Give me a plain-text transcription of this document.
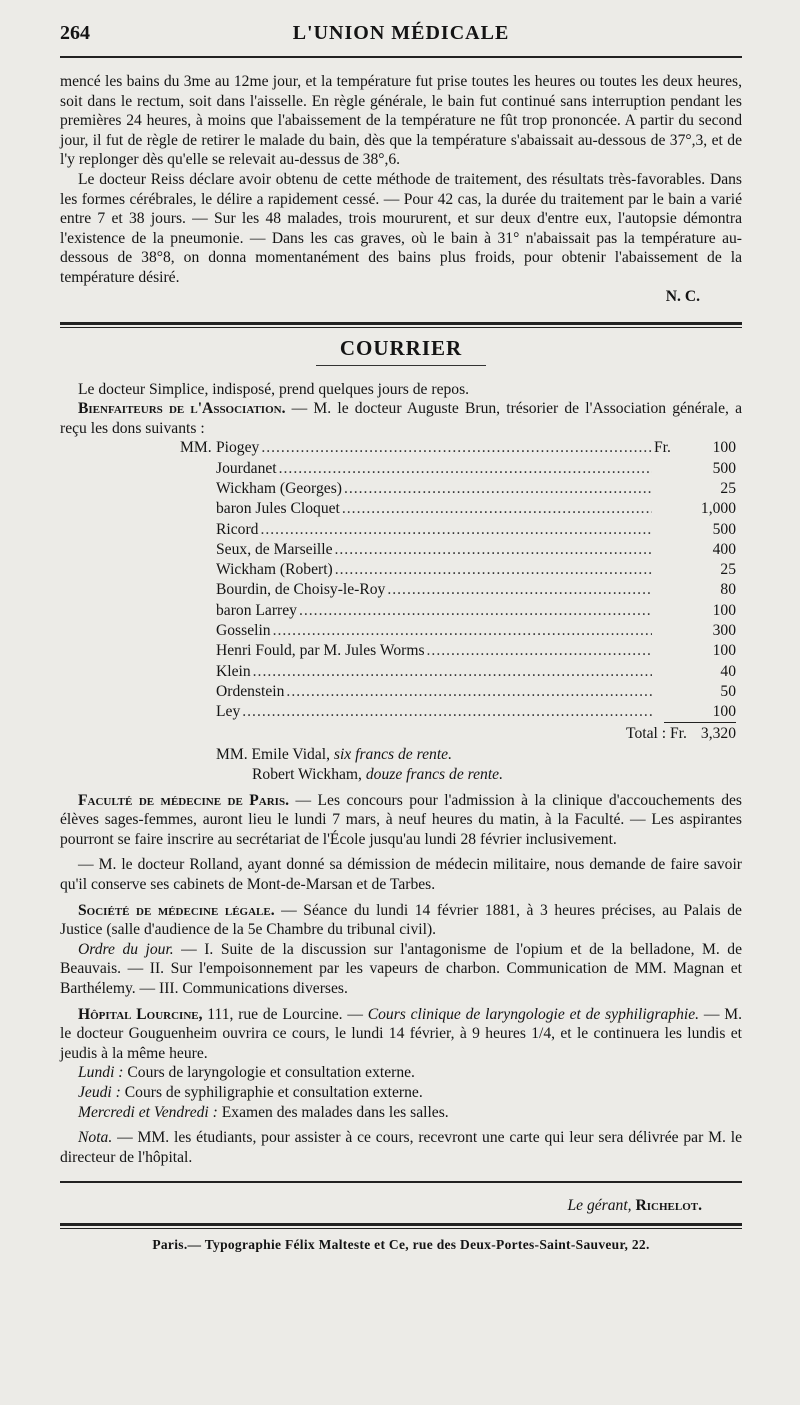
264	L'UNION MÉDICALE

mencé les bains du 3me au 12me jour, et la température fut prise toutes les heures ou toutes les deux heures, soit dans le rectum, soit dans l'aisselle. En règle générale, le bain fut continué sans interruption pendant les premières 24 heures, à moins que l'abaissement de la température ne fût trop prononcée. A partir du second jour, il fut de règle de retirer le malade du bain, dès que la température s'abaissait au-dessous de 37°,3, et de l'y replonger dès qu'elle se relevait au-dessus de 38°,6.

Le docteur Reiss déclare avoir obtenu de cette méthode de traitement, des résultats très-favorables. Dans les formes cérébrales, le délire a rapidement cessé. — Pour 42 cas, la durée du traitement par le bain a varié entre 7 et 38 jours. — Sur les 48 malades, trois moururent, et sur deux d'entre eux, l'autopsie démontra l'existence de la pneumonie. — Dans les cas graves, où le bain à 31° n'abaissait pas la température au-dessous de 38°8, on donna momentanément des bains plus froids, pour obtenir l'abaissement de la température désiré.

N. C.

COURRIER

Le docteur Simplice, indisposé, prend quelques jours de repos.

Bienfaiteurs de l'Association. — M. le docteur Auguste Brun, trésorier de l'Association générale, a reçu les dons suivants :

MM. Piogey .....	Fr.	100
Jourdanet .....	500
Wickham (Georges) .....	25
baron Jules Cloquet .....	1,000
Ricord .....	500
Seux, de Marseille .....	400
Wickham (Robert) .....	25
Bourdin, de Choisy-le-Roy .....	80
baron Larrey .....	100
Gosselin .....	300
Henri Fould, par M. Jules Worms .....	100
Klein .....	40
Ordenstein .....	50
Ley .....	100
Total : Fr. 3,320
MM. Emile Vidal, six francs de rente.
Robert Wickham, douze francs de rente.

Faculté de médecine de Paris. — Les concours pour l'admission à la clinique d'accouchements des élèves sages-femmes, auront lieu le lundi 7 mars, à neuf heures du matin, à la Faculté. — Les aspirantes pourront se faire inscrire au secrétariat de l'École jusqu'au lundi 28 février inclusivement.

— M. le docteur Rolland, ayant donné sa démission de médecin militaire, nous demande de faire savoir qu'il conserve ses cabinets de Mont-de-Marsan et de Tarbes.

Société de médecine légale. — Séance du lundi 14 février 1881, à 3 heures précises, au Palais de Justice (salle d'audience de la 5e Chambre du tribunal civil).

Ordre du jour. — I. Suite de la discussion sur l'antagonisme de l'opium et de la belladone, M. de Beauvais. — II. Sur l'empoisonnement par les vapeurs de charbon. Communication de MM. Magnan et Barthélemy. — III. Communications diverses.

Hôpital Lourcine, 111, rue de Lourcine. — Cours clinique de laryngologie et de syphiligraphie. — M. le docteur Gouguenheim ouvrira ce cours, le lundi 14 février, à 9 heures 1/4, et le continuera les lundis et jeudis à la même heure.

Lundi : Cours de laryngologie et consultation externe.

Jeudi : Cours de syphiligraphie et consultation externe.

Mercredi et Vendredi : Examen des malades dans les salles.

Nota. — MM. les étudiants, pour assister à ce cours, recevront une carte qui leur sera délivrée par M. le directeur de l'hôpital.

Le gérant, Richelot.

Paris.— Typographie Félix Malteste et Ce, rue des Deux-Portes-Saint-Sauveur, 22.
